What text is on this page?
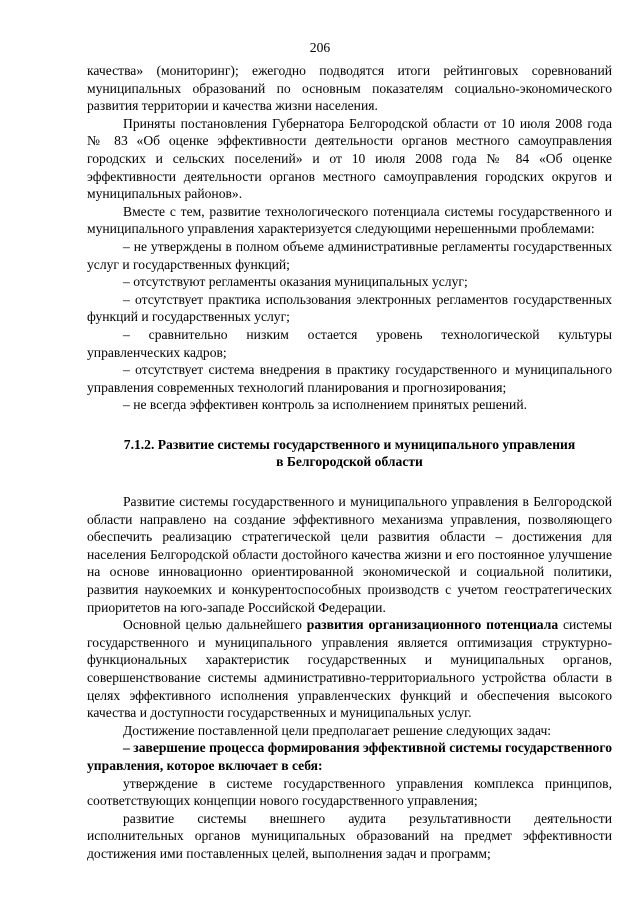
206

качества» (мониторинг); ежегодно подводятся итоги рейтинговых соревнований муниципальных образований по основным показателям социально-экономического развития территории и качества жизни населения.

Приняты постановления Губернатора Белгородской области от 10 июля 2008 года № 83 «Об оценке эффективности деятельности органов местного самоуправления городских и сельских поселений» и от 10 июля 2008 года № 84 «Об оценке эффективности деятельности органов местного самоуправления городских округов и муниципальных районов».

Вместе с тем, развитие технологического потенциала системы государственного и муниципального управления характеризуется следующими нерешенными проблемами:

– не утверждены в полном объеме административные регламенты государственных услуг и государственных функций;

– отсутствуют регламенты оказания муниципальных услуг;

– отсутствует практика использования электронных регламентов государственных функций и государственных услуг;

– сравнительно низким остается уровень технологической культуры управленческих кадров;

– отсутствует система внедрения в практику государственного и муниципального управления современных технологий планирования и прогнозирования;

– не всегда эффективен контроль за исполнением принятых решений.

7.1.2. Развитие системы государственного и муниципального управления
в Белгородской области

Развитие системы государственного и муниципального управления в Белгородской области направлено на создание эффективного механизма управления, позволяющего обеспечить реализацию стратегической цели развития области – достижения для населения Белгородской области достойного качества жизни и его постоянное улучшение на основе инновационно ориентированной экономической и социальной политики, развития наукоемких и конкурентоспособных производств с учетом геостратегических приоритетов на юго-западе Российской Федерации.

Основной целью дальнейшего развития организационного потенциала системы государственного и муниципального управления является оптимизация структурно-функциональных характеристик государственных и муниципальных органов, совершенствование системы административно-территориального устройства области в целях эффективного исполнения управленческих функций и обеспечения высокого качества и доступности государственных и муниципальных услуг.

Достижение поставленной цели предполагает решение следующих задач:

– завершение процесса формирования эффективной системы государственного управления, которое включает в себя:

утверждение в системе государственного управления комплекса принципов, соответствующих концепции нового государственного управления;

развитие системы внешнего аудита результативности деятельности исполнительных органов муниципальных образований на предмет эффективности достижения ими поставленных целей, выполнения задач и программ;
